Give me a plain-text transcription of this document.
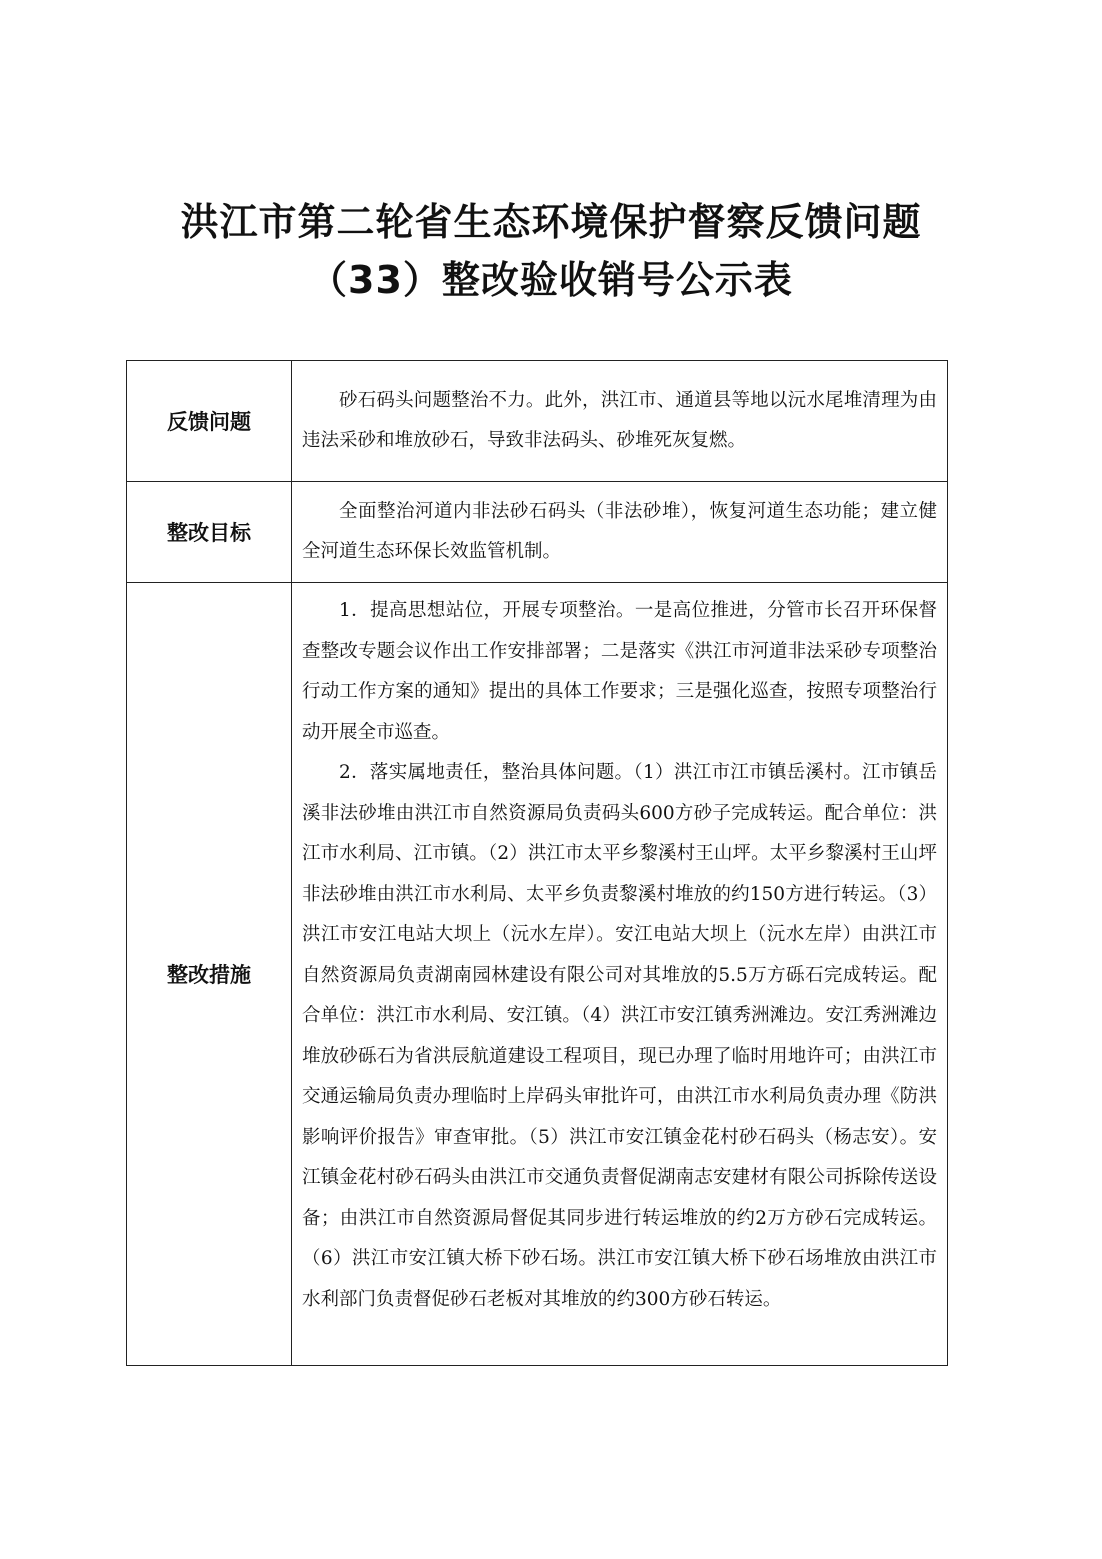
洪江市第二轮省生态环境保护督察反馈问题
（33）整改验收销号公示表
反馈问题	砂石码头问题整治不力。此外，洪江市、通道县等地以沅水尾堆清理为由违法采砂和堆放砂石，导致非法码头、砂堆死灰复燃。

整改目标	全面整治河道内非法砂石码头（非法砂堆），恢复河道生态功能；建立健全河道生态环保长效监管机制。

整改措施	1．提高思想站位，开展专项整治。一是高位推进，分管市长召开环保督查整改专题会议作出工作安排部署；二是落实《洪江市河道非法采砂专项整治行动工作方案的通知》提出的具体工作要求；三是强化巡查，按照专项整治行动开展全市巡查。

2．落实属地责任，整治具体问题。（1）洪江市江市镇岳溪村。江市镇岳溪非法砂堆由洪江市自然资源局负责码头600方砂子完成转运。配合单位：洪江市水利局、江市镇。（2）洪江市太平乡黎溪村王山坪。太平乡黎溪村王山坪非法砂堆由洪江市水利局、太平乡负责黎溪村堆放的约150方进行转运。（3）洪江市安江电站大坝上（沅水左岸）。安江电站大坝上（沅水左岸）由洪江市自然资源局负责湖南园林建设有限公司对其堆放的5.5万方砾石完成转运。配合单位：洪江市水利局、安江镇。（4）洪江市安江镇秀洲滩边。安江秀洲滩边堆放砂砾石为省洪辰航道建设工程项目，现已办理了临时用地许可；由洪江市交通运输局负责办理临时上岸码头审批许可，由洪江市水利局负责办理《防洪影响评价报告》审查审批。（5）洪江市安江镇金花村砂石码头（杨志安）。安江镇金花村砂石码头由洪江市交通负责督促湖南志安建材有限公司拆除传送设备；由洪江市自然资源局督促其同步进行转运堆放的约2万方砂石完成转运。（6）洪江市安江镇大桥下砂石场。洪江市安江镇大桥下砂石场堆放由洪江市水利部门负责督促砂石老板对其堆放的约300方砂石转运。
